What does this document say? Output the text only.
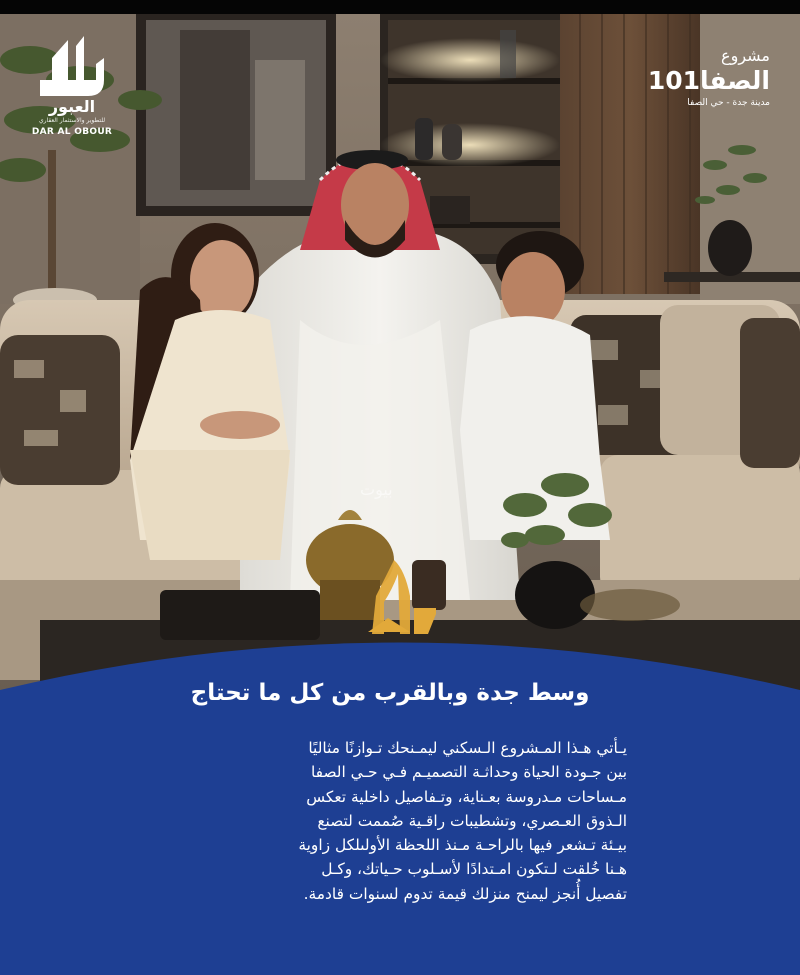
العبور
للتطوير والاستثمار العقاري
DAR AL OBOUR
مشروع
الصفا101
مدينة جدة - حي الصفا
بيوت
وسط جدة وبالقرب من كل ما تحتاج
يـأتي هـذا المـشروع الـسكني ليمـنحك تـوازنًا مثاليًا
بين جـودة الحياة وحداثـة التصميـم فـي حـي الصفا
مـساحات مـدروسة بعـناية، وتـفاصيل داخلية تعكس
الـذوق العـصري، وتشطيبات راقـية صُممت لتصنع
بيـئة تـشعر فيها بالراحـة مـنذ اللحظة الأولىلكل زاوية
هـنا خُلقت لـتكون امـتدادًا لأسـلوب حـياتك، وكـل
تفصيل أُنجز ليمنح منزلك قيمة تدوم لسنوات قادمة.
